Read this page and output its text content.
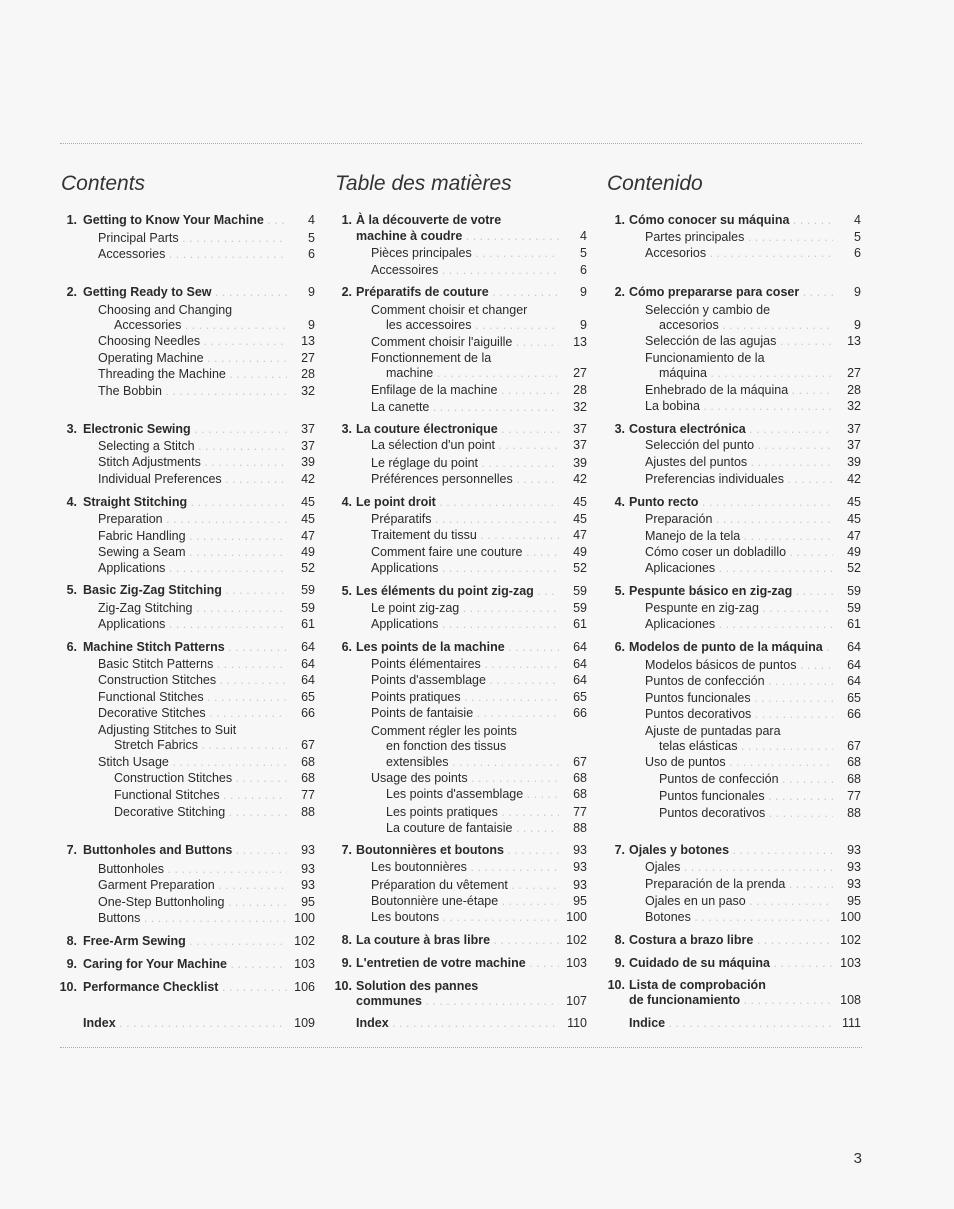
Contents
1. Getting to Know Your Machine . . .	4
Principal Parts . . .	5
Accessories . . .	6
2. Getting Ready to Sew . . .	9
Choosing and Changing
Accessories . . .	9
Choosing Needles . . .	13
Operating Machine . . .	27
Threading the Machine . . .	28
The Bobbin . . .	32
3. Electronic Sewing . . .	37
Selecting a Stitch . . .	37
Stitch Adjustments . . .	39
Individual Preferences . . .	42
4. Straight Stitching . . .	45
Preparation . . .	45
Fabric Handling . . .	47
Sewing a Seam . . .	49
Applications . . .	52
5. Basic Zig-Zag Stitching . . .	59
Zig-Zag Stitching . . .	59
Applications . . .	61
6. Machine Stitch Patterns . . .	64
Basic Stitch Patterns . . .	64
Construction Stitches . . .	64
Functional Stitches . . .	65
Decorative Stitches . . .	66
Adjusting Stitches to Suit
Stretch Fabrics . . .	67
Stitch Usage . . .	68
Construction Stitches . . .	68
Functional Stitches . . .	77
Decorative Stitching . . .	88
7. Buttonholes and Buttons . . .	93
Buttonholes . . .	93
Garment Preparation . . .	93
One-Step Buttonholing . . .	95
Buttons . . .	100
8. Free-Arm Sewing . . .	102
9. Caring for Your Machine . . .	103
10. Performance Checklist . . .	106
Index . . .	109
Table des matières
1. À la découverte de votre
machine à coudre . . .	4
Pièces principales . . .	5
Accessoires . . .	6
2. Préparatifs de couture . . .	9
Comment choisir et changer
les accessoires . . .	9
Comment choisir l'aiguille . . .	13
Fonctionnement de la
machine . . .	27
Enfilage de la machine . . .	28
La canette . . .	32
3. La couture électronique . . .	37
La sélection d'un point . . .	37
Le réglage du point . . .	39
Préférences personnelles . . .	42
4. Le point droit . . .	45
Préparatifs . . .	45
Traitement du tissu . . .	47
Comment faire une couture . . .	49
Applications . . .	52
5. Les éléments du point zig-zag . . .	59
Le point zig-zag . . .	59
Applications . . .	61
6. Les points de la machine . . .	64
Points élémentaires . . .	64
Points d'assemblage . . .	64
Points pratiques . . .	65
Points de fantaisie . . .	66
Comment régler les points
en fonction des tissus
extensibles . . .	67
Usage des points . . .	68
Les points d'assemblage . . .	68
Les points pratiques . . .	77
La couture de fantaisie . . .	88
7. Boutonnières et boutons . . .	93
Les boutonnières . . .	93
Préparation du vêtement . . .	93
Boutonnière une-étape . . .	95
Les boutons . . .	100
8. La couture à bras libre . . .	102
9. L'entretien de votre machine . . .	103
10. Solution des pannes
communes . . .	107
Index . . .	110
Contenido
1. Cómo conocer su máquina . . .	4
Partes principales . . .	5
Accesorios . . .	6
2. Cómo prepararse para coser . . .	9
Selección y cambio de
accesorios . . .	9
Selección de las agujas . . .	13
Funcionamiento de la
máquina . . .	27
Enhebrado de la máquina . . .	28
La bobina . . .	32
3. Costura electrónica . . .	37
Selección del punto . . .	37
Ajustes del puntos . . .	39
Preferencias individuales . . .	42
4. Punto recto . . .	45
Preparación . . .	45
Manejo de la tela . . .	47
Cómo coser un dobladillo . . .	49
Aplicaciones . . .	52
5. Pespunte básico en zig-zag . . .	59
Pespunte en zig-zag . . .	59
Aplicaciones . . .	61
6. Modelos de punto de la máquina . . .	64
Modelos básicos de puntos . . .	64
Puntos de confección . . .	64
Puntos funcionales . . .	65
Puntos decorativos . . .	66
Ajuste de puntadas para
telas elásticas . . .	67
Uso de puntos . . .	68
Puntos de confección . . .	68
Puntos funcionales . . .	77
Puntos decorativos . . .	88
7. Ojales y botones . . .	93
Ojales . . .	93
Preparación de la prenda . . .	93
Ojales en un paso . . .	95
Botones . . .	100
8. Costura a brazo libre . . .	102
9. Cuidado de su máquina . . .	103
10. Lista de comprobación
de funcionamiento . . .	108
Indice . . .	111
3
